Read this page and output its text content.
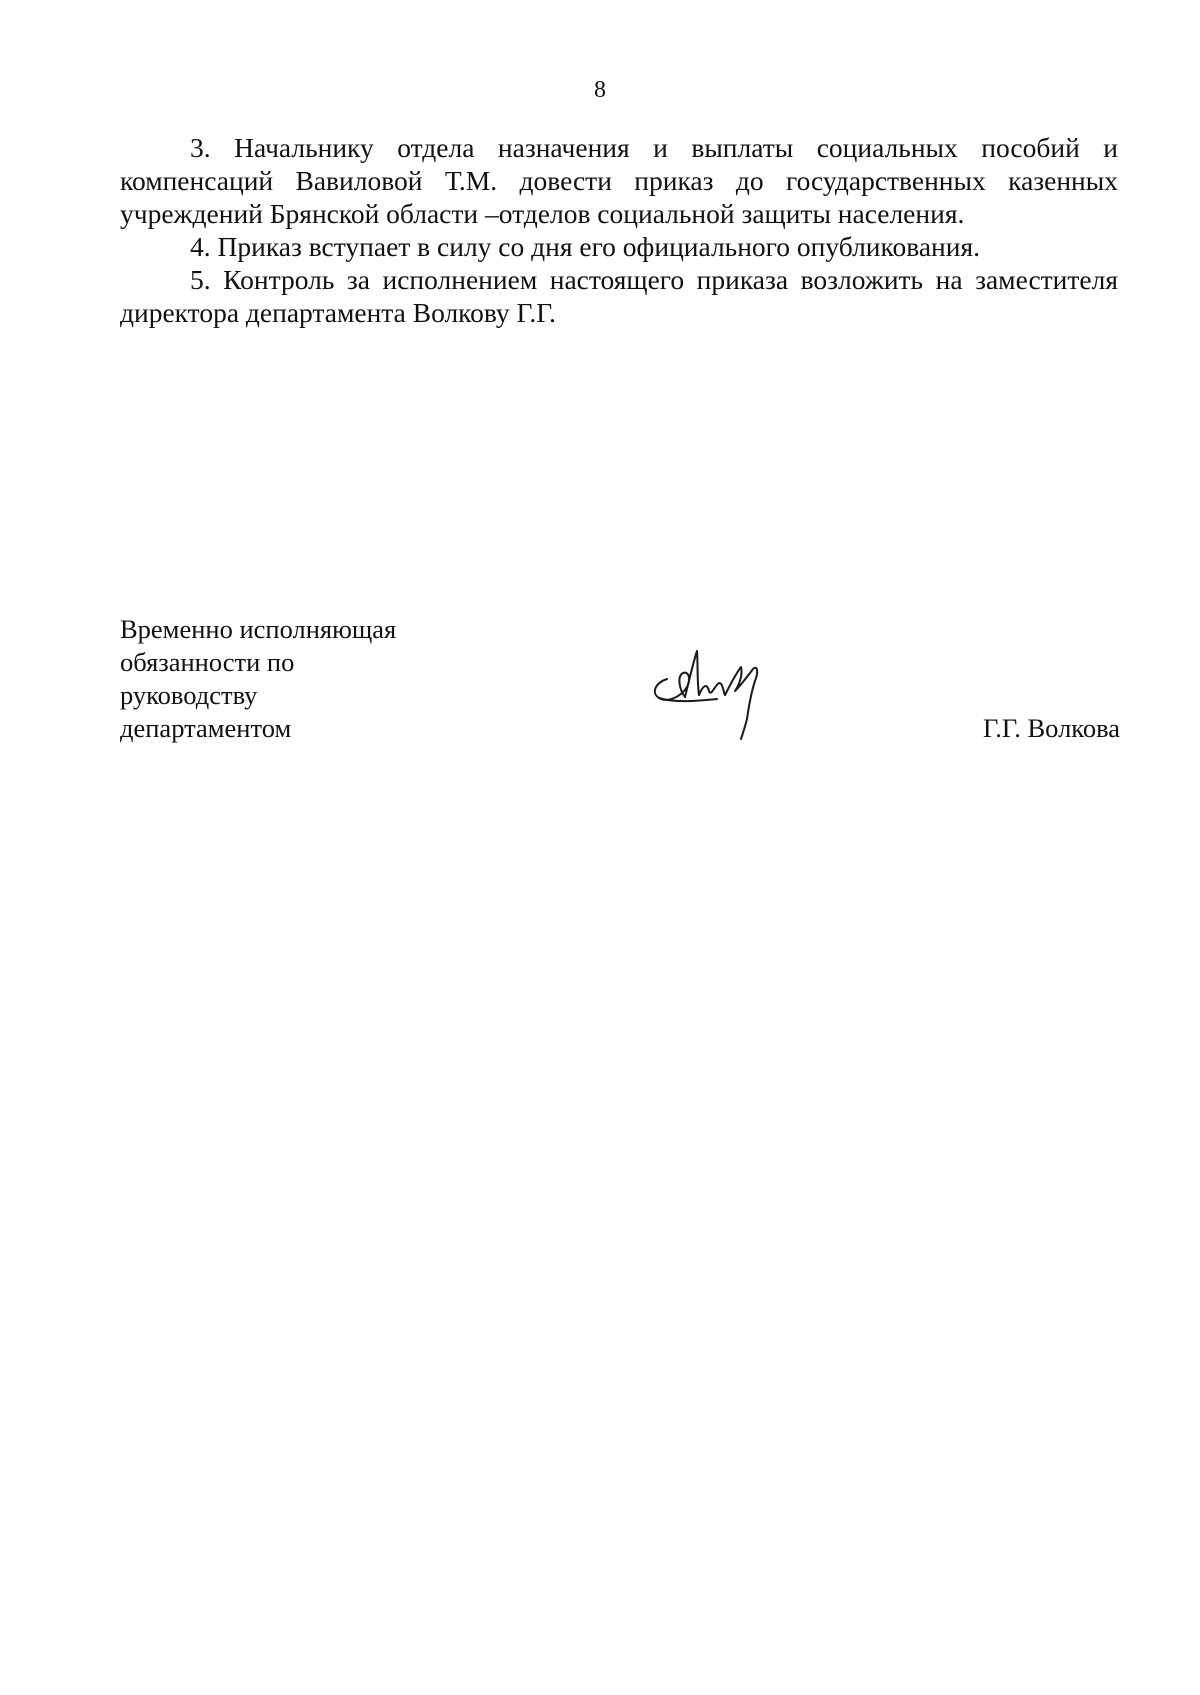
8

3. Начальнику отдела назначения и выплаты социальных пособий и компенсаций Вавиловой Т.М. довести приказ до государственных казенных учреждений Брянской области –отделов социальной защиты населения.

4. Приказ вступает в силу со дня его официального опубликования.

5. Контроль за исполнением настоящего приказа возложить на заместителя директора департамента Волкову Г.Г.

Временно исполняющая
обязанности по
руководству
департаментом	Г.Г. Волкова
